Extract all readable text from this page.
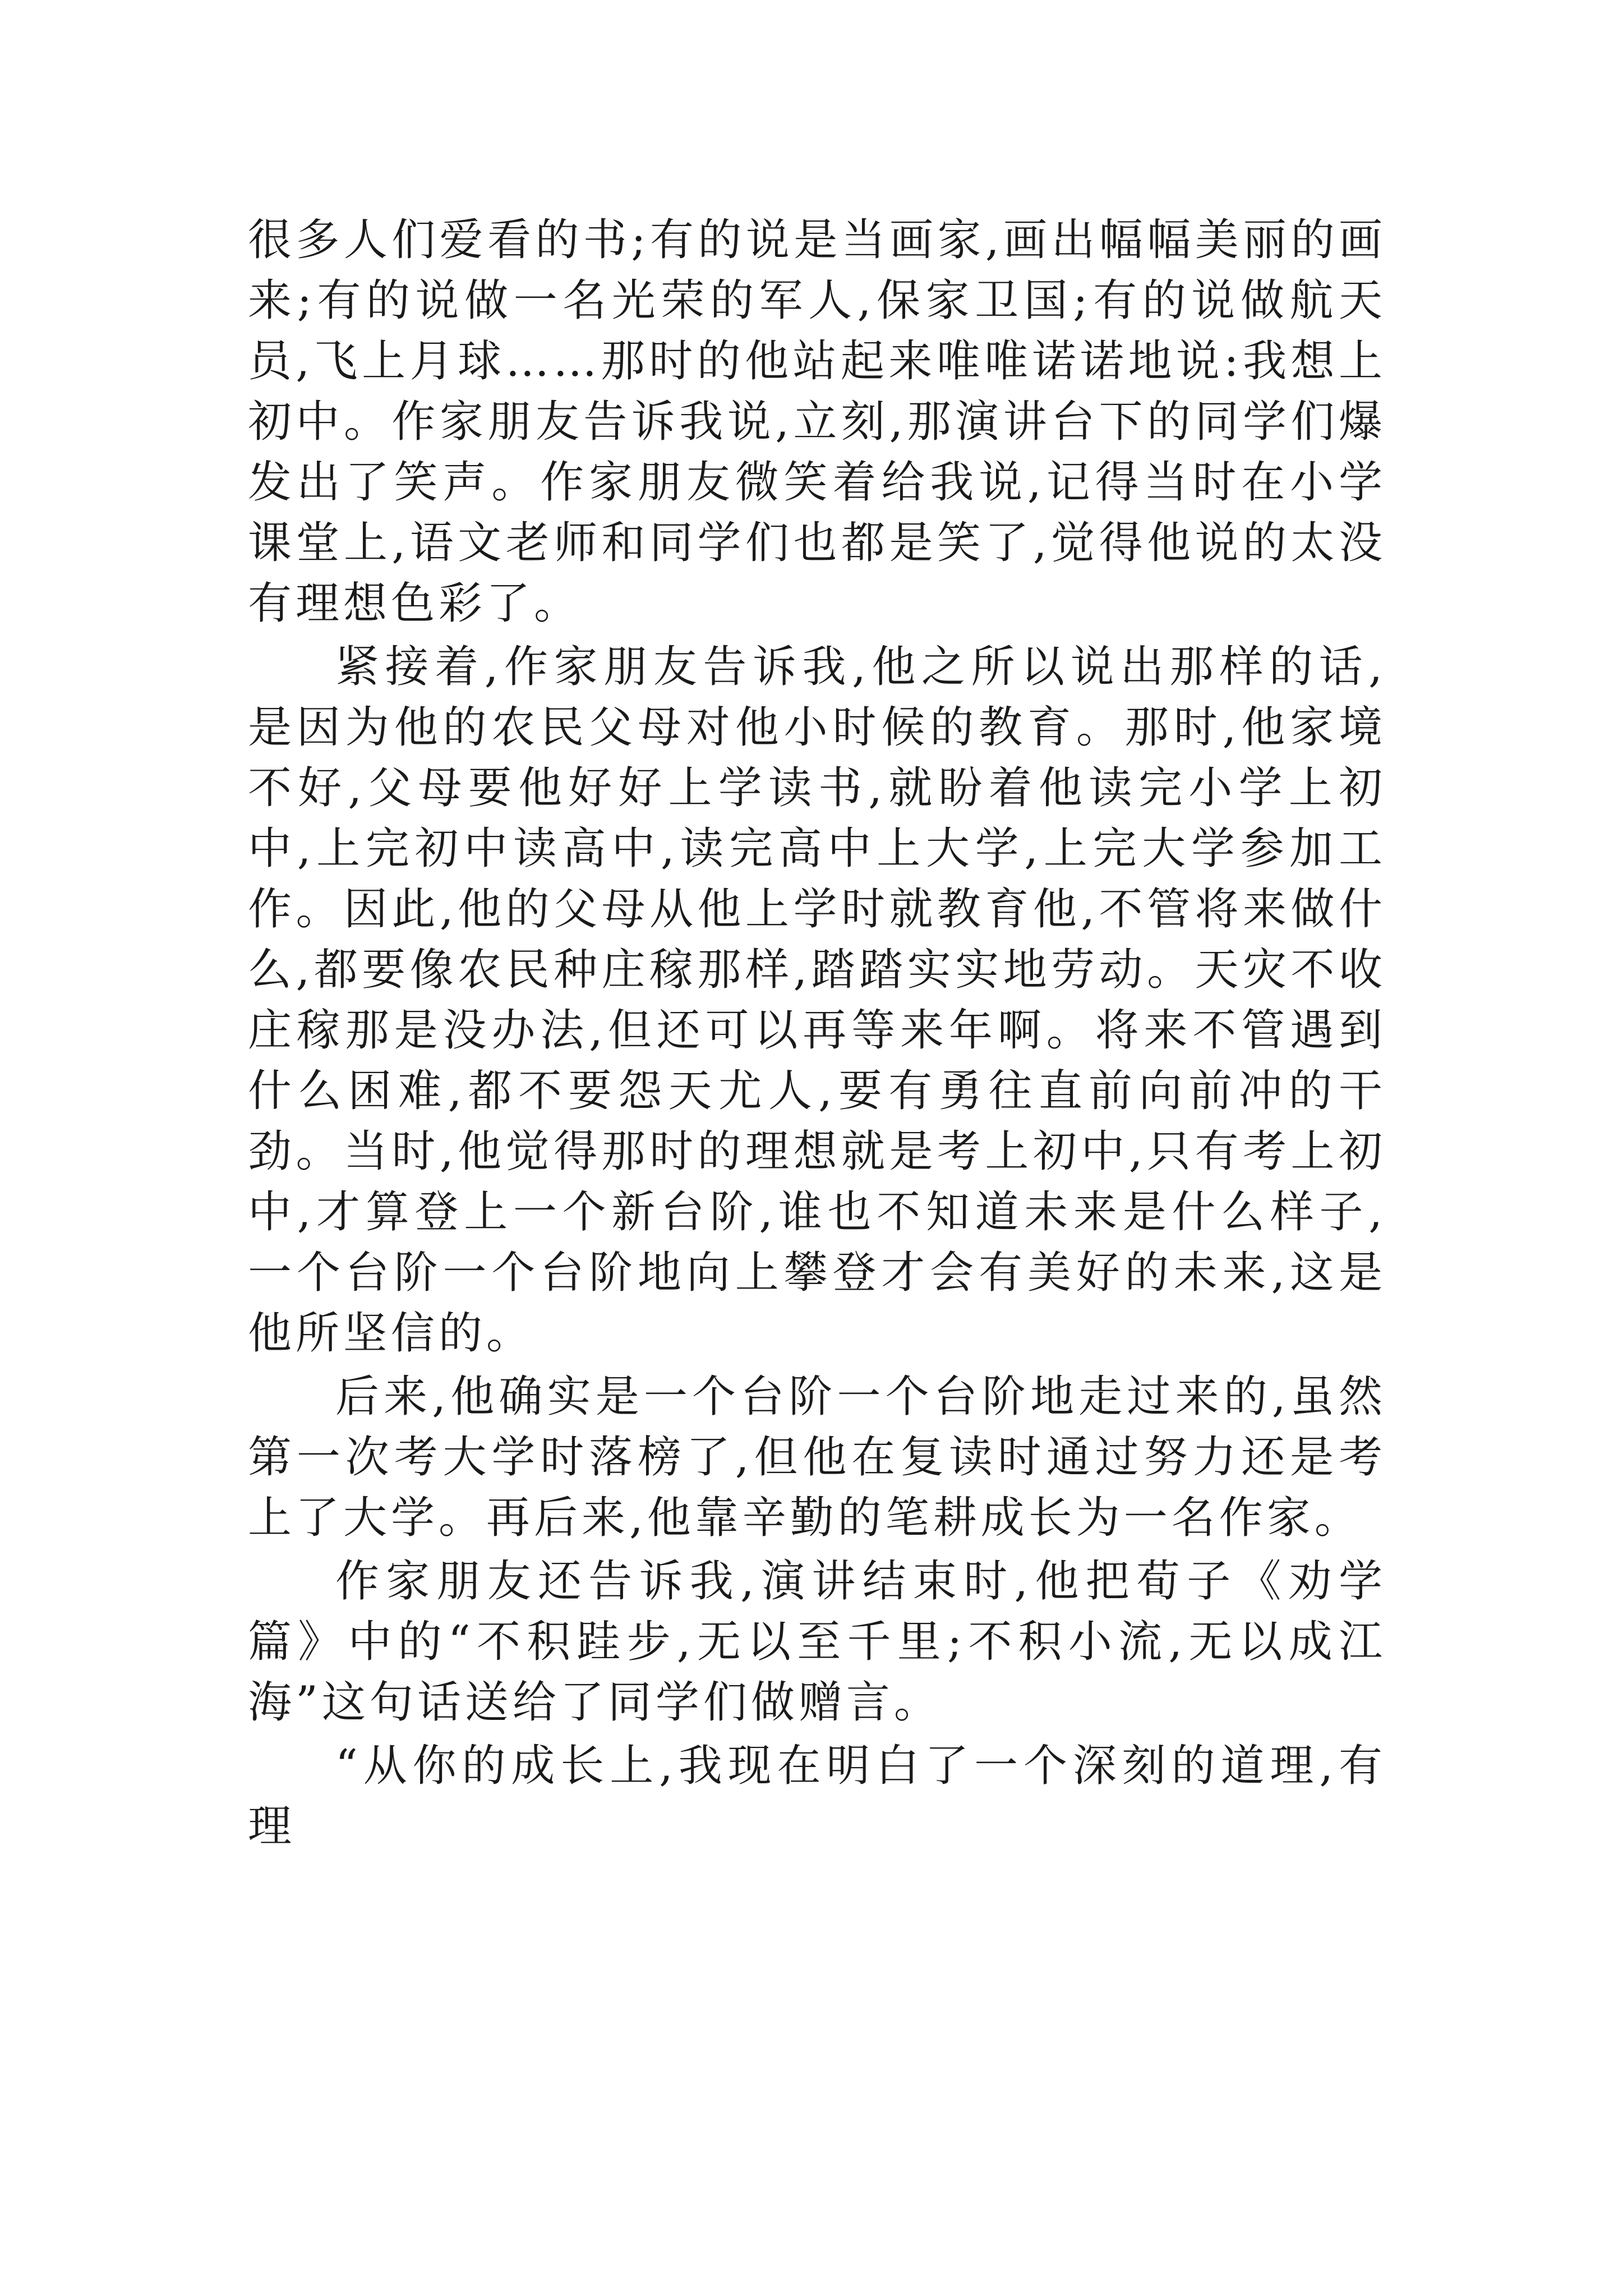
很多人们爱看的书;有的说是当画家,画出幅幅美丽的画来;有的说做一名光荣的军人,保家卫国;有的说做航天员,飞上月球……那时的他站起来唯唯诺诺地说:我想上初中。作家朋友告诉我说,立刻,那演讲台下的同学们爆发出了笑声。作家朋友微笑着给我说,记得当时在小学课堂上,语文老师和同学们也都是笑了,觉得他说的太没有理想色彩了。

紧接着,作家朋友告诉我,他之所以说出那样的话,是因为他的农民父母对他小时候的教育。那时,他家境不好,父母要他好好上学读书,就盼着他读完小学上初中,上完初中读高中,读完高中上大学,上完大学参加工作。因此,他的父母从他上学时就教育他,不管将来做什么,都要像农民种庄稼那样,踏踏实实地劳动。天灾不收庄稼那是没办法,但还可以再等来年啊。将来不管遇到什么困难,都不要怨天尤人,要有勇往直前向前冲的干劲。当时,他觉得那时的理想就是考上初中,只有考上初中,才算登上一个新台阶,谁也不知道未来是什么样子,一个台阶一个台阶地向上攀登才会有美好的未来,这是他所坚信的。

后来,他确实是一个台阶一个台阶地走过来的,虽然第一次考大学时落榜了,但他在复读时通过努力还是考上了大学。再后来,他靠辛勤的笔耕成长为一名作家。

作家朋友还告诉我,演讲结束时,他把荀子《劝学篇》中的“不积跬步,无以至千里;不积小流,无以成江海”这句话送给了同学们做赠言。

“从你的成长上,我现在明白了一个深刻的道理,有理
